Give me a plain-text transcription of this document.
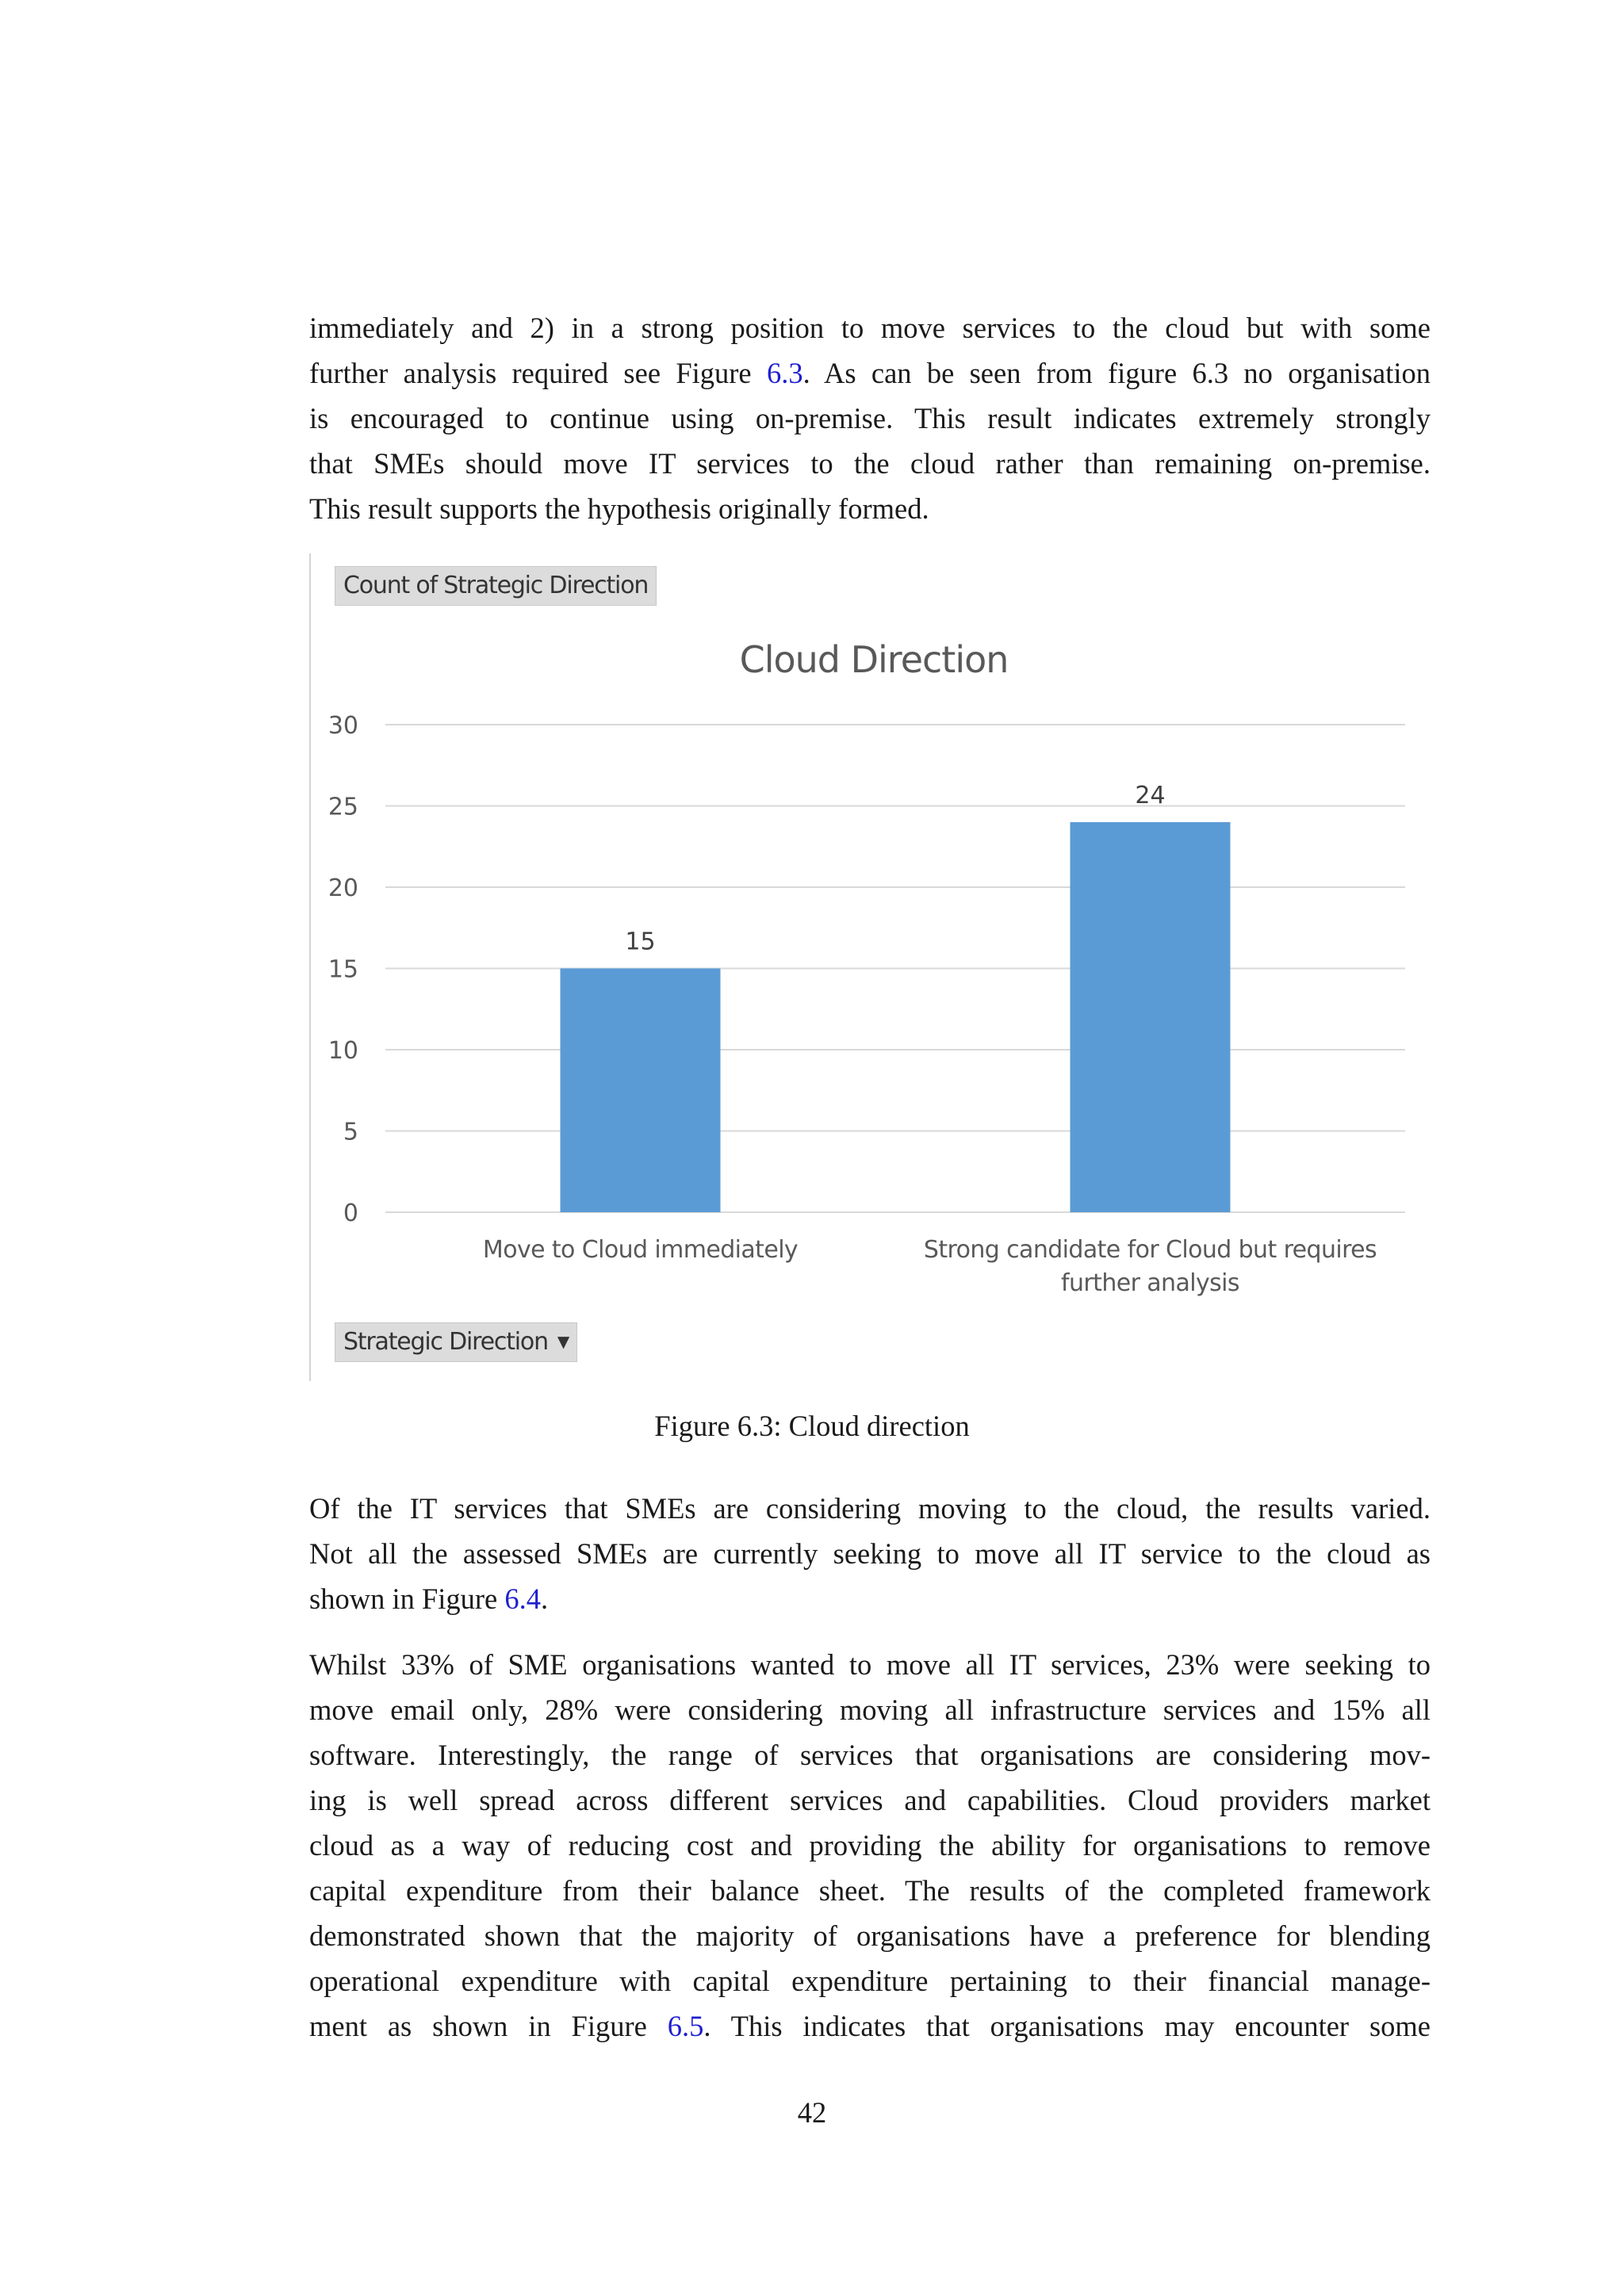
immediately and 2) in a strong position to move services to the cloud but with some
further analysis required see Figure 6.3. As can be seen from figure 6.3 no organisation
is encouraged to continue using on-premise. This result indicates extremely strongly
that SMEs should move IT services to the cloud rather than remaining on-premise.
This result supports the hypothesis originally formed.

Cloud Direction
0
5
10
15
20
25
30
15
Move to Cloud immediately
24
Strong candidate for Cloud but requires
further analysis
Count of Strategic Direction
Strategic Direction ▼

Figure 6.3: Cloud direction

Of the IT services that SMEs are considering moving to the cloud, the results varied.
Not all the assessed SMEs are currently seeking to move all IT service to the cloud as
shown in Figure 6.4.

Whilst 33% of SME organisations wanted to move all IT services, 23% were seeking to
move email only, 28% were considering moving all infrastructure services and 15% all
software. Interestingly, the range of services that organisations are considering mov-
ing is well spread across different services and capabilities. Cloud providers market
cloud as a way of reducing cost and providing the ability for organisations to remove
capital expenditure from their balance sheet. The results of the completed framework
demonstrated shown that the majority of organisations have a preference for blending
operational expenditure with capital expenditure pertaining to their financial manage-
ment as shown in Figure 6.5. This indicates that organisations may encounter some

42
